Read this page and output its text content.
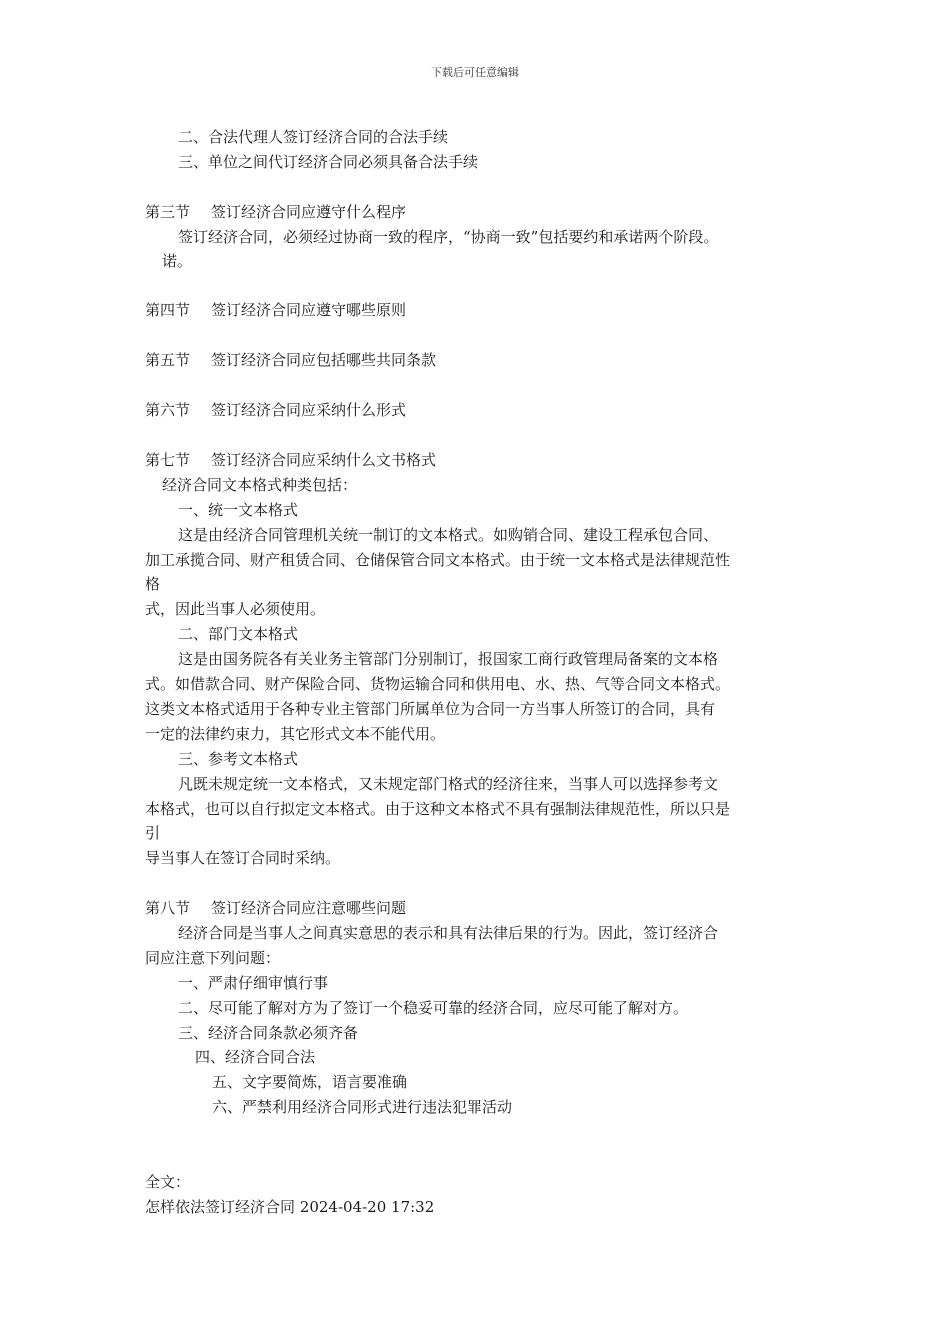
下载后可任意编辑
二、合法代理人签订经济合同的合法手续
三、单位之间代订经济合同必须具备合法手续
第三节 签订经济合同应遵守什么程序
签订经济合同，必须经过协商一致的程序，“协商一致”包括要约和承诺两个阶段。
诺。
第四节 签订经济合同应遵守哪些原则
第五节 签订经济合同应包括哪些共同条款
第六节 签订经济合同应采纳什么形式
第七节 签订经济合同应采纳什么文书格式
经济合同文本格式种类包括：
一、统一文本格式
这是由经济合同管理机关统一制订的文本格式。如购销合同、建设工程承包合同、
加工承揽合同、财产租赁合同、仓储保管合同文本格式。由于统一文本格式是法律规范性
格
式，因此当事人必须使用。
二、部门文本格式
这是由国务院各有关业务主管部门分别制订，报国家工商行政管理局备案的文本格
式。如借款合同、财产保险合同、货物运输合同和供用电、水、热、气等合同文本格式。
这类文本格式适用于各种专业主管部门所属单位为合同一方当事人所签订的合同，具有
一定的法律约束力，其它形式文本不能代用。
三、参考文本格式
凡既未规定统一文本格式，又未规定部门格式的经济往来，当事人可以选择参考文
本格式，也可以自行拟定文本格式。由于这种文本格式不具有强制法律规范性，所以只是
引
导当事人在签订合同时采纳。
第八节 签订经济合同应注意哪些问题
经济合同是当事人之间真实意思的表示和具有法律后果的行为。因此，签订经济合
同应注意下列问题：
一、严肃仔细审慎行事
二、尽可能了解对方为了签订一个稳妥可靠的经济合同，应尽可能了解对方。
三、经济合同条款必须齐备
四、经济合同合法
五、文字要简炼，语言要准确
六、严禁利用经济合同形式进行违法犯罪活动
全文：
怎样依法签订经济合同 2024-04-20 17:32
